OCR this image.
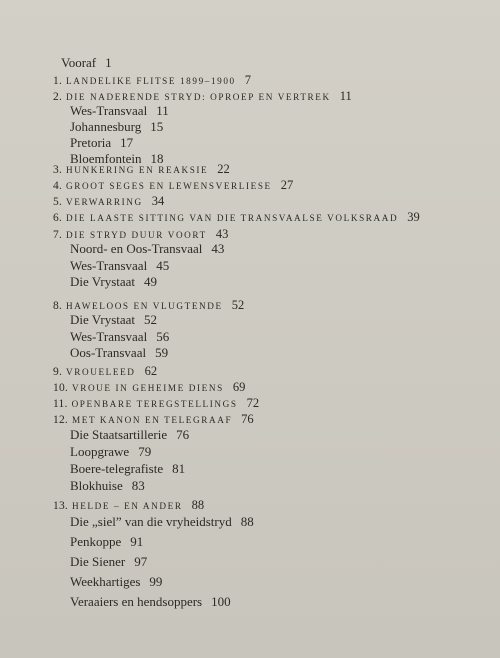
Vooraf 1
1. LANDELIKE FLITSE 1899–1900 7
2. DIE NADERENDE STRYD: OPROEP EN VERTREK 11
Wes-Transvaal 11
Johannesburg 15
Pretoria 17
Bloemfontein 18
3. HUNKERING EN REAKSIE 22
4. GROOT SEGES EN LEWENSVERLIESE 27
5. VERWARRING 34
6. DIE LAASTE SITTING VAN DIE TRANSVAALSE VOLKSRAAD 39
7. DIE STRYD DUUR VOORT 43
Noord- en Oos-Transvaal 43
Wes-Transvaal 45
Die Vrystaat 49
8. HAWELOOS EN VLUGTENDE 52
Die Vrystaat 52
Wes-Transvaal 56
Oos-Transvaal 59
9. VROUELEED 62
10. VROUE IN GEHEIME DIENS 69
11. OPENBARE TEREGSTELLINGS 72
12. MET KANON EN TELEGRAAF 76
Die Staatsartillerie 76
Loopgrawe 79
Boere-telegrafiste 81
Blokhuise 83
13. HELDE – EN ANDER 88
Die „siel” van die vryheidstryd 88
Penkoppe 91
Die Siener 97
Weekhartiges 99
Veraaiers en hendsoppers 100
